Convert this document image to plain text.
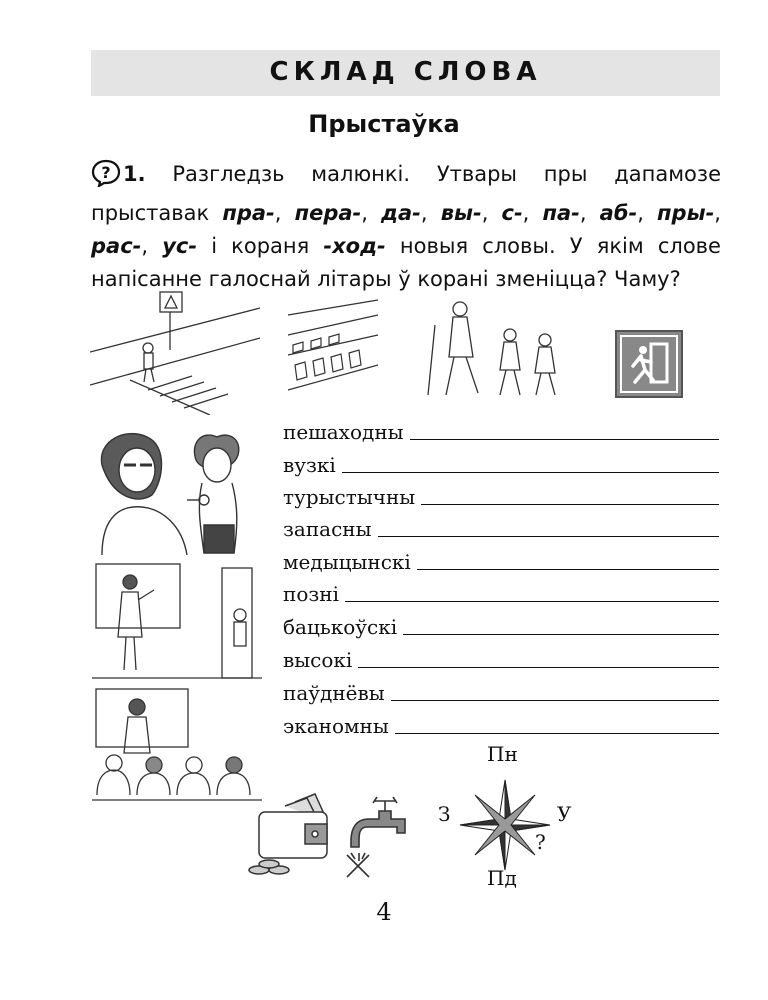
СКЛАД СЛОВА
Прыстаўка
? 1. Разгледзь малюнкі. Утвары пры дапамозе прыставак пра-, пера-, да-, вы-, с-, па-, аб-, пры-, рас-, ус- і кораня -ход- новыя словы. У якім слове напісанне галоснай літары ў корані зменіцца? Чаму?
Пн
Пд
З	У
?
пешаходны
вузкі
турыстычны
запасны
медыцынскі
позні
бацькоўскі
высокі
паўднёвы
эканомны
4
